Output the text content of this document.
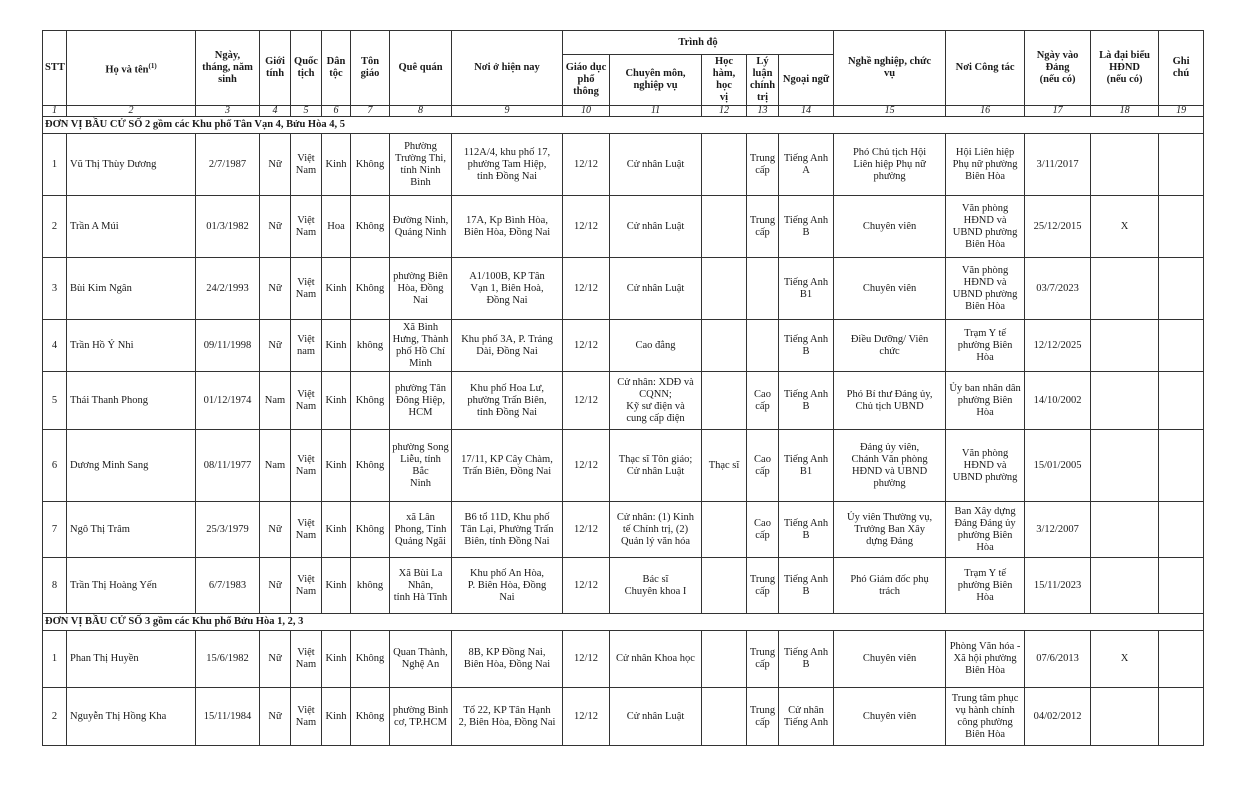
STT	Họ và tên$^{(1)}$	Ngày,
tháng, năm
sinh	Giới
tính	Quốc
tịch	Dân
tộc	Tôn
giáo	Quê quán	Nơi ở hiện nay	Trình độ					Nghề nghiệp, chức
vụ	Nơi Công tác	Ngày vào
Đảng
(nếu có)	Là đại biểu
HĐND
(nếu có)	Ghi
chú
									Giáo dục
phổ
thông	Chuyên môn,
nghiệp vụ	Học
hàm, học
vị	Lý
luận
chính
trị	Ngoại ngữ					
1	2	3	4	5	6	7	8	9	10	11	12	13	14	15	16	17	18	19
ĐƠN VỊ BẦU CỬ SỐ 2 gồm các Khu phố Tân Vạn 4, Bửu Hòa 4, 5																		
1	Vũ Thị Thùy Dương	2/7/1987	Nữ	Việt
Nam	Kinh	Không	Phường
Trường Thi,
tỉnh Ninh Bình	112A/4, khu phố 17,
phường Tam Hiệp,
tỉnh Đồng Nai	12/12	Cử nhân Luật		Trung
cấp	Tiếng Anh
A	Phó Chủ tịch Hội
Liên hiệp Phụ nữ
phường	Hội Liên hiệp
Phụ nữ phường
Biên Hòa	3/11/2017		
2	Trần A Múi	01/3/1982	Nữ	Việt
Nam	Hoa	Không	Đường Ninh,
Quảng Ninh	17A, Kp Bình Hòa,
Biên Hòa, Đồng Nai	12/12	Cử nhân Luật		Trung
cấp	Tiếng Anh
B	Chuyên viên	Văn phòng
HĐND và
UBND phường
Biên Hòa	25/12/2015	X	
3	Bùi Kim Ngân	24/2/1993	Nữ	Việt
Nam	Kinh	Không	phường Biên
Hòa, Đồng
Nai	A1/100B, KP Tân
Vạn 1, Biên Hoà,
Đồng Nai	12/12	Cử nhân Luật			Tiếng Anh
B1	Chuyên viên	Văn phòng
HĐND và
UBND phường
Biên Hòa	03/7/2023		
4	Trần Hồ Ý Nhi	09/11/1998	Nữ	Việt
nam	Kinh	không	Xã Bình
Hưng, Thành
phố Hồ Chí
Minh	Khu phố 3A, P. Trảng
Dài, Đồng Nai	12/12	Cao đẳng			Tiếng Anh
B	Điều Dưỡng/ Viên
chức	Trạm Y tế
phường Biên Hòa	12/12/2025		
5	Thái Thanh Phong	01/12/1974	Nam	Việt
Nam	Kinh	Không	phường Tân
Đông Hiệp,
HCM	Khu phố Hoa Lư,
phường Trấn Biên,
tỉnh Đồng Nai	12/12	Cử nhân: XDĐ và
CQNN;
Kỹ sư điện và
cung cấp điện		Cao
cấp	Tiếng Anh
B	Phó Bí thư Đảng ủy,
Chủ tịch UBND	Ủy ban nhân dân
phường Biên Hòa	14/10/2002		
6	Dương Minh Sang	08/11/1977	Nam	Việt
Nam	Kinh	Không	phường Song
Liễu, tỉnh Bắc
Ninh	17/11, KP Cây Chàm,
Trấn Biên, Đồng Nai	12/12	Thạc sĩ Tôn giáo;
Cử nhân Luật	Thạc sĩ	Cao
cấp	Tiếng Anh
B1	Đảng ủy viên,
Chánh Văn phòng
HĐND và UBND
phường	Văn phòng
HĐND và
UBND phường	15/01/2005		
7	Ngô Thị Trâm	25/3/1979	Nữ	Việt
Nam	Kinh	Không	xã Lân
Phong, Tỉnh
Quảng Ngãi	B6 tổ 11D, Khu phố
Tân Lại, Phường Trấn
Biên, tỉnh Đồng Nai	12/12	Cử nhân: (1) Kinh
tế Chính trị, (2)
Quản lý văn hóa		Cao
cấp	Tiếng Anh
B	Ủy viên Thường vụ,
Trưởng Ban Xây
dựng Đảng	Ban Xây dựng
Đảng Đảng ủy
phường Biên Hòa	3/12/2007		
8	Trần Thị Hoàng Yến	6/7/1983	Nữ	Việt
Nam	Kinh	không	Xã Bùi La
Nhân,
tỉnh Hà Tĩnh	Khu phố An Hòa,
P. Biên Hòa, Đồng
Nai	12/12	Bác sĩ
Chuyên khoa I		Trung
cấp	Tiếng Anh
B	Phó Giám đốc phụ
trách	Trạm Y tế
phường Biên Hòa	15/11/2023		
ĐƠN VỊ BẦU CỬ SỐ 3 gồm các Khu phố Bửu Hòa 1, 2, 3																		
1	Phan Thị Huyền	15/6/1982	Nữ	Việt
Nam	Kinh	Không	Quan Thành,
Nghệ An	8B, KP Đồng Nai,
Biên Hòa, Đồng Nai	12/12	Cử nhân Khoa học		Trung
cấp	Tiếng Anh
B	Chuyên viên	Phòng Văn hóa -
Xã hội phường
Biên Hòa	07/6/2013	X	
2	Nguyễn Thị Hồng Kha	15/11/1984	Nữ	Việt
Nam	Kinh	Không	phường Bình
cơ, TP.HCM	Tổ 22, KP Tân Hạnh
2, Biên Hòa, Đồng Nai	12/12	Cử nhân Luật		Trung
cấp	Cử nhân
Tiếng Anh	Chuyên viên	Trung tâm phục
vụ hành chính
công phường
Biên Hòa	04/02/2012		
